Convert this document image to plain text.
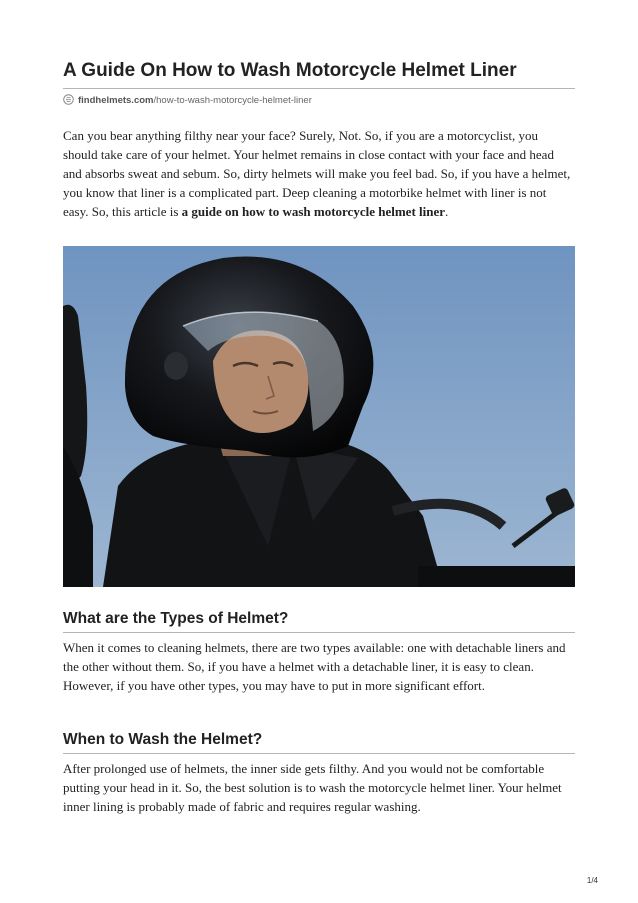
A Guide On How to Wash Motorcycle Helmet Liner
findhelmets.com/how-to-wash-motorcycle-helmet-liner

Can you bear anything filthy near your face? Surely, Not. So, if you are a motorcyclist, you should take care of your helmet. Your helmet remains in close contact with your face and head and absorbs sweat and sebum. So, dirty helmets will make you feel bad. So, if you have a helmet, you know that liner is a complicated part. Deep cleaning a motorbike helmet with liner is not easy. So, this article is a guide on how to wash motorcycle helmet liner.

What are the Types of Helmet?

When it comes to cleaning helmets, there are two types available: one with detachable liners and the other without them. So, if you have a helmet with a detachable liner, it is easy to clean. However, if you have other types, you may have to put in more significant effort.

When to Wash the Helmet?

After prolonged use of helmets, the inner side gets filthy. And you would not be comfortable putting your head in it. So, the best solution is to wash the motorcycle helmet liner. Your helmet inner lining is probably made of fabric and requires regular washing.

1/4
